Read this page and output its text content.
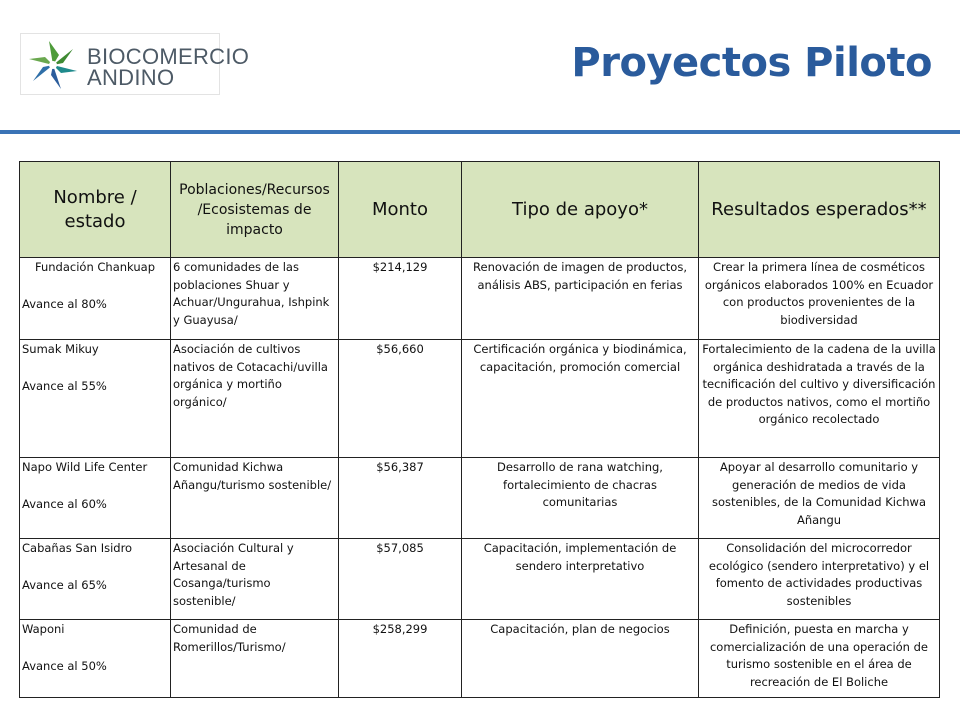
BIOCOMERCIO
ANDINO	Proyectos Piloto
Nombre / estado	Poblaciones/Recursos /Ecosistemas de impacto	Monto	Tipo de apoyo*	Resultados esperados**

Fundación Chankuap
Avance al 80%	6 comunidades de las poblaciones Shuar y Achuar/Ungurahua, Ishpink y Guayusa/	$214,129	Renovación de imagen de productos, análisis ABS, participación en ferias	Crear la primera línea de cosméticos orgánicos elaborados 100% en Ecuador con productos provenientes de la biodiversidad

Sumak Mikuy
Avance al 55%	Asociación de cultivos nativos de Cotacachi/uvilla orgánica y mortiño orgánico/	$56,660	Certificación orgánica y biodinámica, capacitación, promoción comercial	Fortalecimiento de la cadena de la uvilla orgánica deshidratada a través de la tecnificación del cultivo y diversificación de productos nativos, como el mortiño orgánico recolectado

Napo Wild Life Center
Avance al 60%	Comunidad Kichwa Añangu/turismo sostenible/	$56,387	Desarrollo de rana watching, fortalecimiento de chacras comunitarias	Apoyar al desarrollo comunitario y generación de medios de vida sostenibles, de la Comunidad Kichwa Añangu

Cabañas San Isidro
Avance al 65%	Asociación Cultural y Artesanal de Cosanga/turismo sostenible/	$57,085	Capacitación, implementación de sendero interpretativo	Consolidación del microcorredor ecológico (sendero interpretativo) y el fomento de actividades productivas sostenibles

Waponi
Avance al 50%	Comunidad de Romerillos/Turismo/	$258,299	Capacitación, plan de negocios	Definición, puesta en marcha y comercialización de una operación de turismo sostenible en el área de recreación de El Boliche
